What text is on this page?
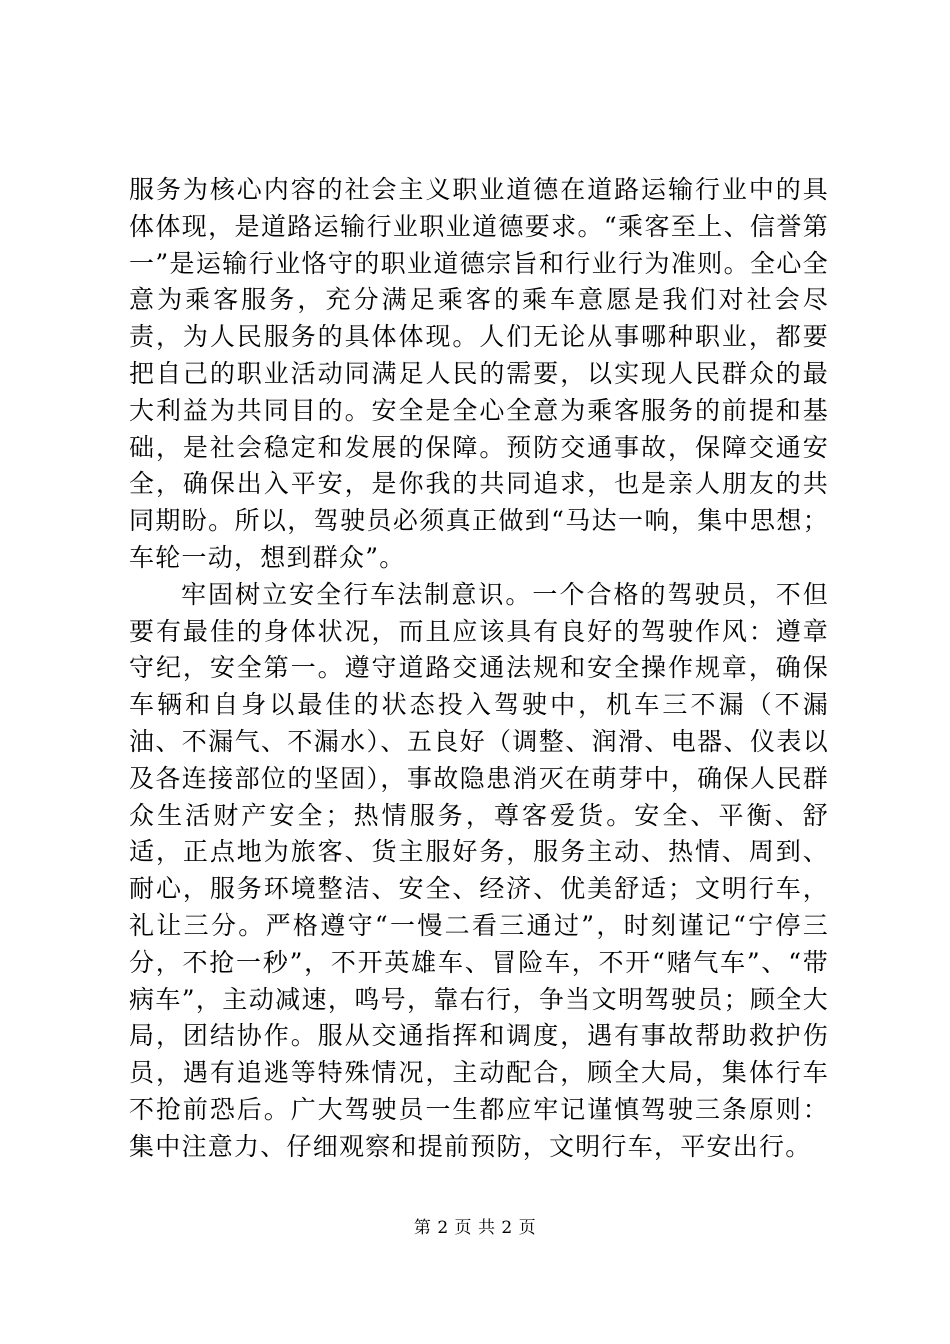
服务为核心内容的社会主义职业道德在道路运输行业中的具体体现，是道路运输行业职业道德要求。“乘客至上、信誉第一”是运输行业恪守的职业道德宗旨和行业行为准则。全心全意为乘客服务，充分满足乘客的乘车意愿是我们对社会尽责，为人民服务的具体体现。人们无论从事哪种职业，都要把自己的职业活动同满足人民的需要，以实现人民群众的最大利益为共同目的。安全是全心全意为乘客服务的前提和基础，是社会稳定和发展的保障。预防交通事故，保障交通安全，确保出入平安，是你我的共同追求，也是亲人朋友的共同期盼。所以，驾驶员必须真正做到“马达一响，集中思想；车轮一动，想到群众”。

牢固树立安全行车法制意识。一个合格的驾驶员，不但要有最佳的身体状况，而且应该具有良好的驾驶作风：遵章守纪，安全第一。遵守道路交通法规和安全操作规章，确保车辆和自身以最佳的状态投入驾驶中，机车三不漏（不漏油、不漏气、不漏水）、五良好（调整、润滑、电器、仪表以及各连接部位的坚固），事故隐患消灭在萌芽中，确保人民群众生活财产安全；热情服务，尊客爱货。安全、平衡、舒适，正点地为旅客、货主服好务，服务主动、热情、周到、耐心，服务环境整洁、安全、经济、优美舒适；文明行车，礼让三分。严格遵守“一慢二看三通过”，时刻谨记“宁停三分，不抢一秒”，不开英雄车、冒险车，不开“赌气车”、“带病车”，主动减速，鸣号，靠右行，争当文明驾驶员；顾全大局，团结协作。服从交通指挥和调度，遇有事故帮助救护伤员，遇有追逃等特殊情况，主动配合，顾全大局，集体行车不抢前恐后。广大驾驶员一生都应牢记谨慎驾驶三条原则：集中注意力、仔细观察和提前预防，文明行车，平安出行。

第 2 页 共 2 页
